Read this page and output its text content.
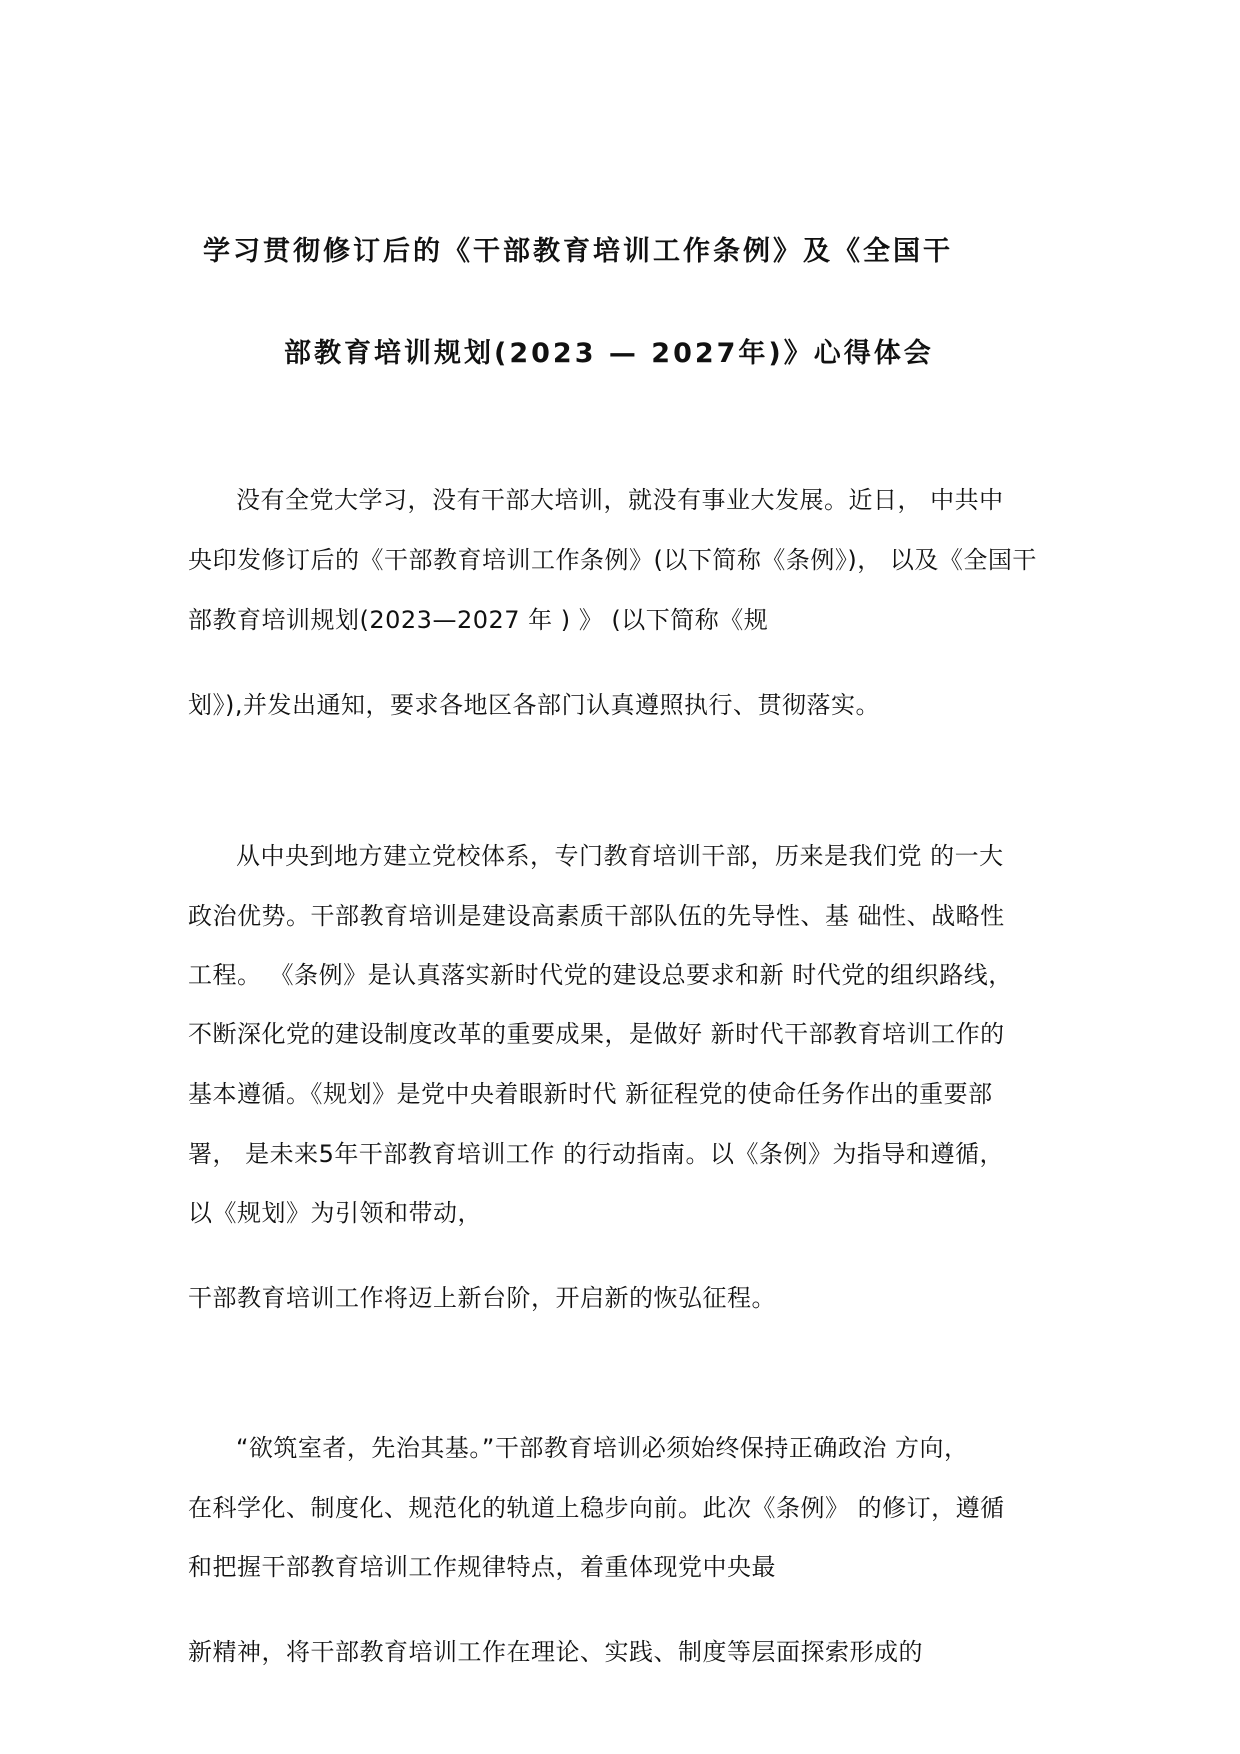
学习贯彻修订后的《干部教育培训工作条例》及《全国干
部教育培训规划(2023 — 2027年)》心得体会
没有全党大学习，没有干部大培训，就没有事业大发展。近日， 中共中
央印发修订后的《干部教育培训工作条例》(以下简称《条例》)， 以及《全国干
部教育培训规划(2023—2027 年 ) 》 (以下简称《规
划》),并发出通知，要求各地区各部门认真遵照执行、贯彻落实。
从中央到地方建立党校体系，专门教育培训干部，历来是我们党 的一大
政治优势。干部教育培训是建设高素质干部队伍的先导性、基 础性、战略性
工程。 《条例》是认真落实新时代党的建设总要求和新 时代党的组织路线，
不断深化党的建设制度改革的重要成果，是做好 新时代干部教育培训工作的
基本遵循。《规划》是党中央着眼新时代 新征程党的使命任务作出的重要部
署， 是未来5年干部教育培训工作 的行动指南。以《条例》为指导和遵循，
以《规划》为引领和带动，
干部教育培训工作将迈上新台阶，开启新的恢弘征程。
“欲筑室者，先治其基。”干部教育培训必须始终保持正确政治 方向，
在科学化、制度化、规范化的轨道上稳步向前。此次《条例》 的修订，遵循
和把握干部教育培训工作规律特点，着重体现党中央最
新精神，将干部教育培训工作在理论、实践、制度等层面探索形成的
